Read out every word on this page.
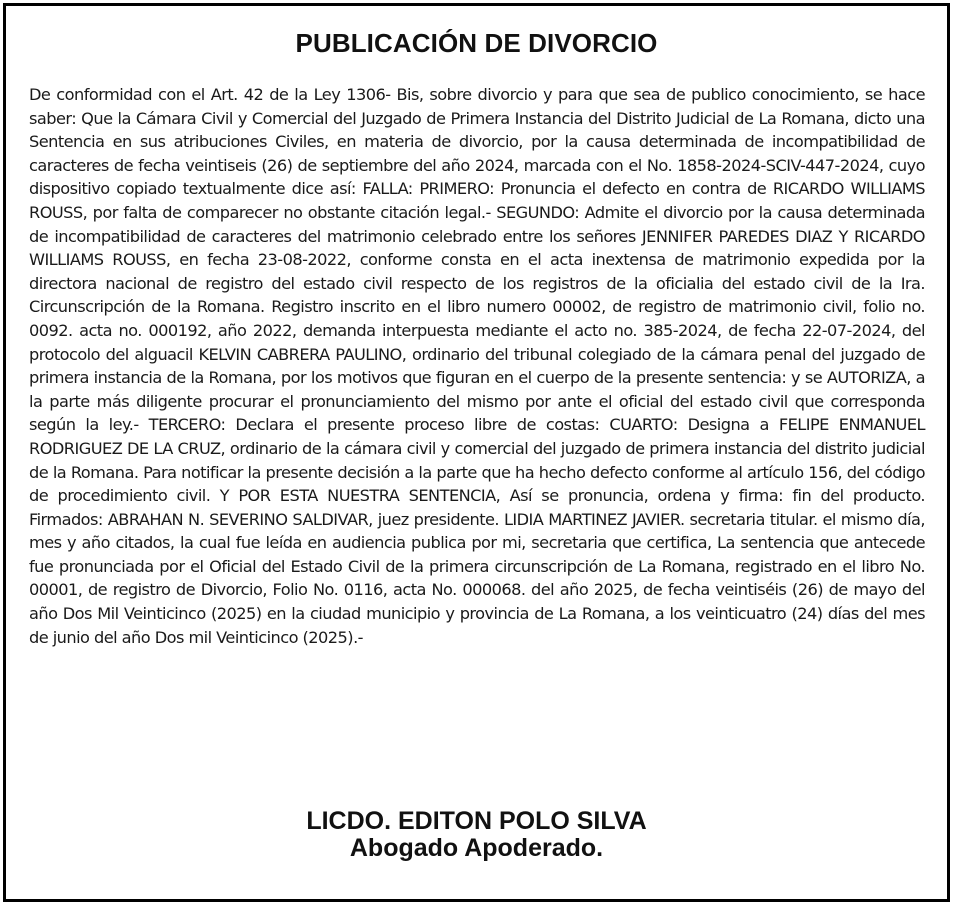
PUBLICACIÓN DE DIVORCIO

De conformidad con el Art. 42 de la Ley 1306- Bis, sobre divorcio y para que sea de publico conocimiento, se hace saber: Que la Cámara Civil y Comercial del Juzgado de Primera Instancia del Distrito Judicial de La Romana, dicto una Sentencia en sus atribuciones Civiles, en materia de divorcio, por la causa determinada de incompatibilidad de caracteres de fecha veintiseis (26) de septiembre del año 2024, marcada con el No. 1858-2024-SCIV-447-2024, cuyo dispositivo copiado textualmente dice así: FALLA: PRIMERO: Pronuncia el defecto en contra de RICARDO WILLIAMS ROUSS, por falta de comparecer no obstante citación legal.- SEGUNDO: Admite el divorcio por la causa determinada de incompatibilidad de caracteres del matrimonio celebrado entre los señores JENNIFER PAREDES DIAZ Y RICARDO WILLIAMS ROUSS, en fecha 23-08-2022, conforme consta en el acta inextensa de matrimonio expedida por la directora nacional de registro del estado civil respecto de los registros de la oficialia del estado civil de la Ira. Circunscripción de la Romana. Registro inscrito en el libro numero 00002, de registro de matrimonio civil, folio no. 0092. acta no. 000192, año 2022, demanda interpuesta mediante el acto no. 385-2024, de fecha 22-07-2024, del protocolo del alguacil KELVIN CABRERA PAULINO, ordinario del tribunal colegiado de la cámara penal del juzgado de primera instancia de la Romana, por los motivos que figuran en el cuerpo de la presente sentencia: y se AUTORIZA, a la parte más diligente procurar el pronunciamiento del mismo por ante el oficial del estado civil que corresponda según la ley.- TERCERO: Declara el presente proceso libre de costas: CUARTO: Designa a FELIPE ENMANUEL RODRIGUEZ DE LA CRUZ, ordinario de la cámara civil y comercial del juzgado de primera instancia del distrito judicial de la Romana. Para notificar la presente decisión a la parte que ha hecho defecto conforme al artículo 156, del código de procedimiento civil. Y POR ESTA NUESTRA SENTENCIA, Así se pronuncia, ordena y firma: fin del producto. Firmados: ABRAHAN N. SEVERINO SALDIVAR, juez presidente. LIDIA MARTINEZ JAVIER. secretaria titular. el mismo día, mes y año citados, la cual fue leída en audiencia publica por mi, secretaria que certifica, La sentencia que antecede fue pronunciada por el Oficial del Estado Civil de la primera circunscripción de La Romana, registrado en el libro No. 00001, de registro de Divorcio, Folio No. 0116, acta No. 000068. del año 2025, de fecha veintiséis (26) de mayo del año Dos Mil Veinticinco (2025) en la ciudad municipio y provincia de La Romana, a los veinticuatro (24) días del mes de junio del año Dos mil Veinticinco (2025).-

LICDO. EDITON POLO SILVA
Abogado Apoderado.
